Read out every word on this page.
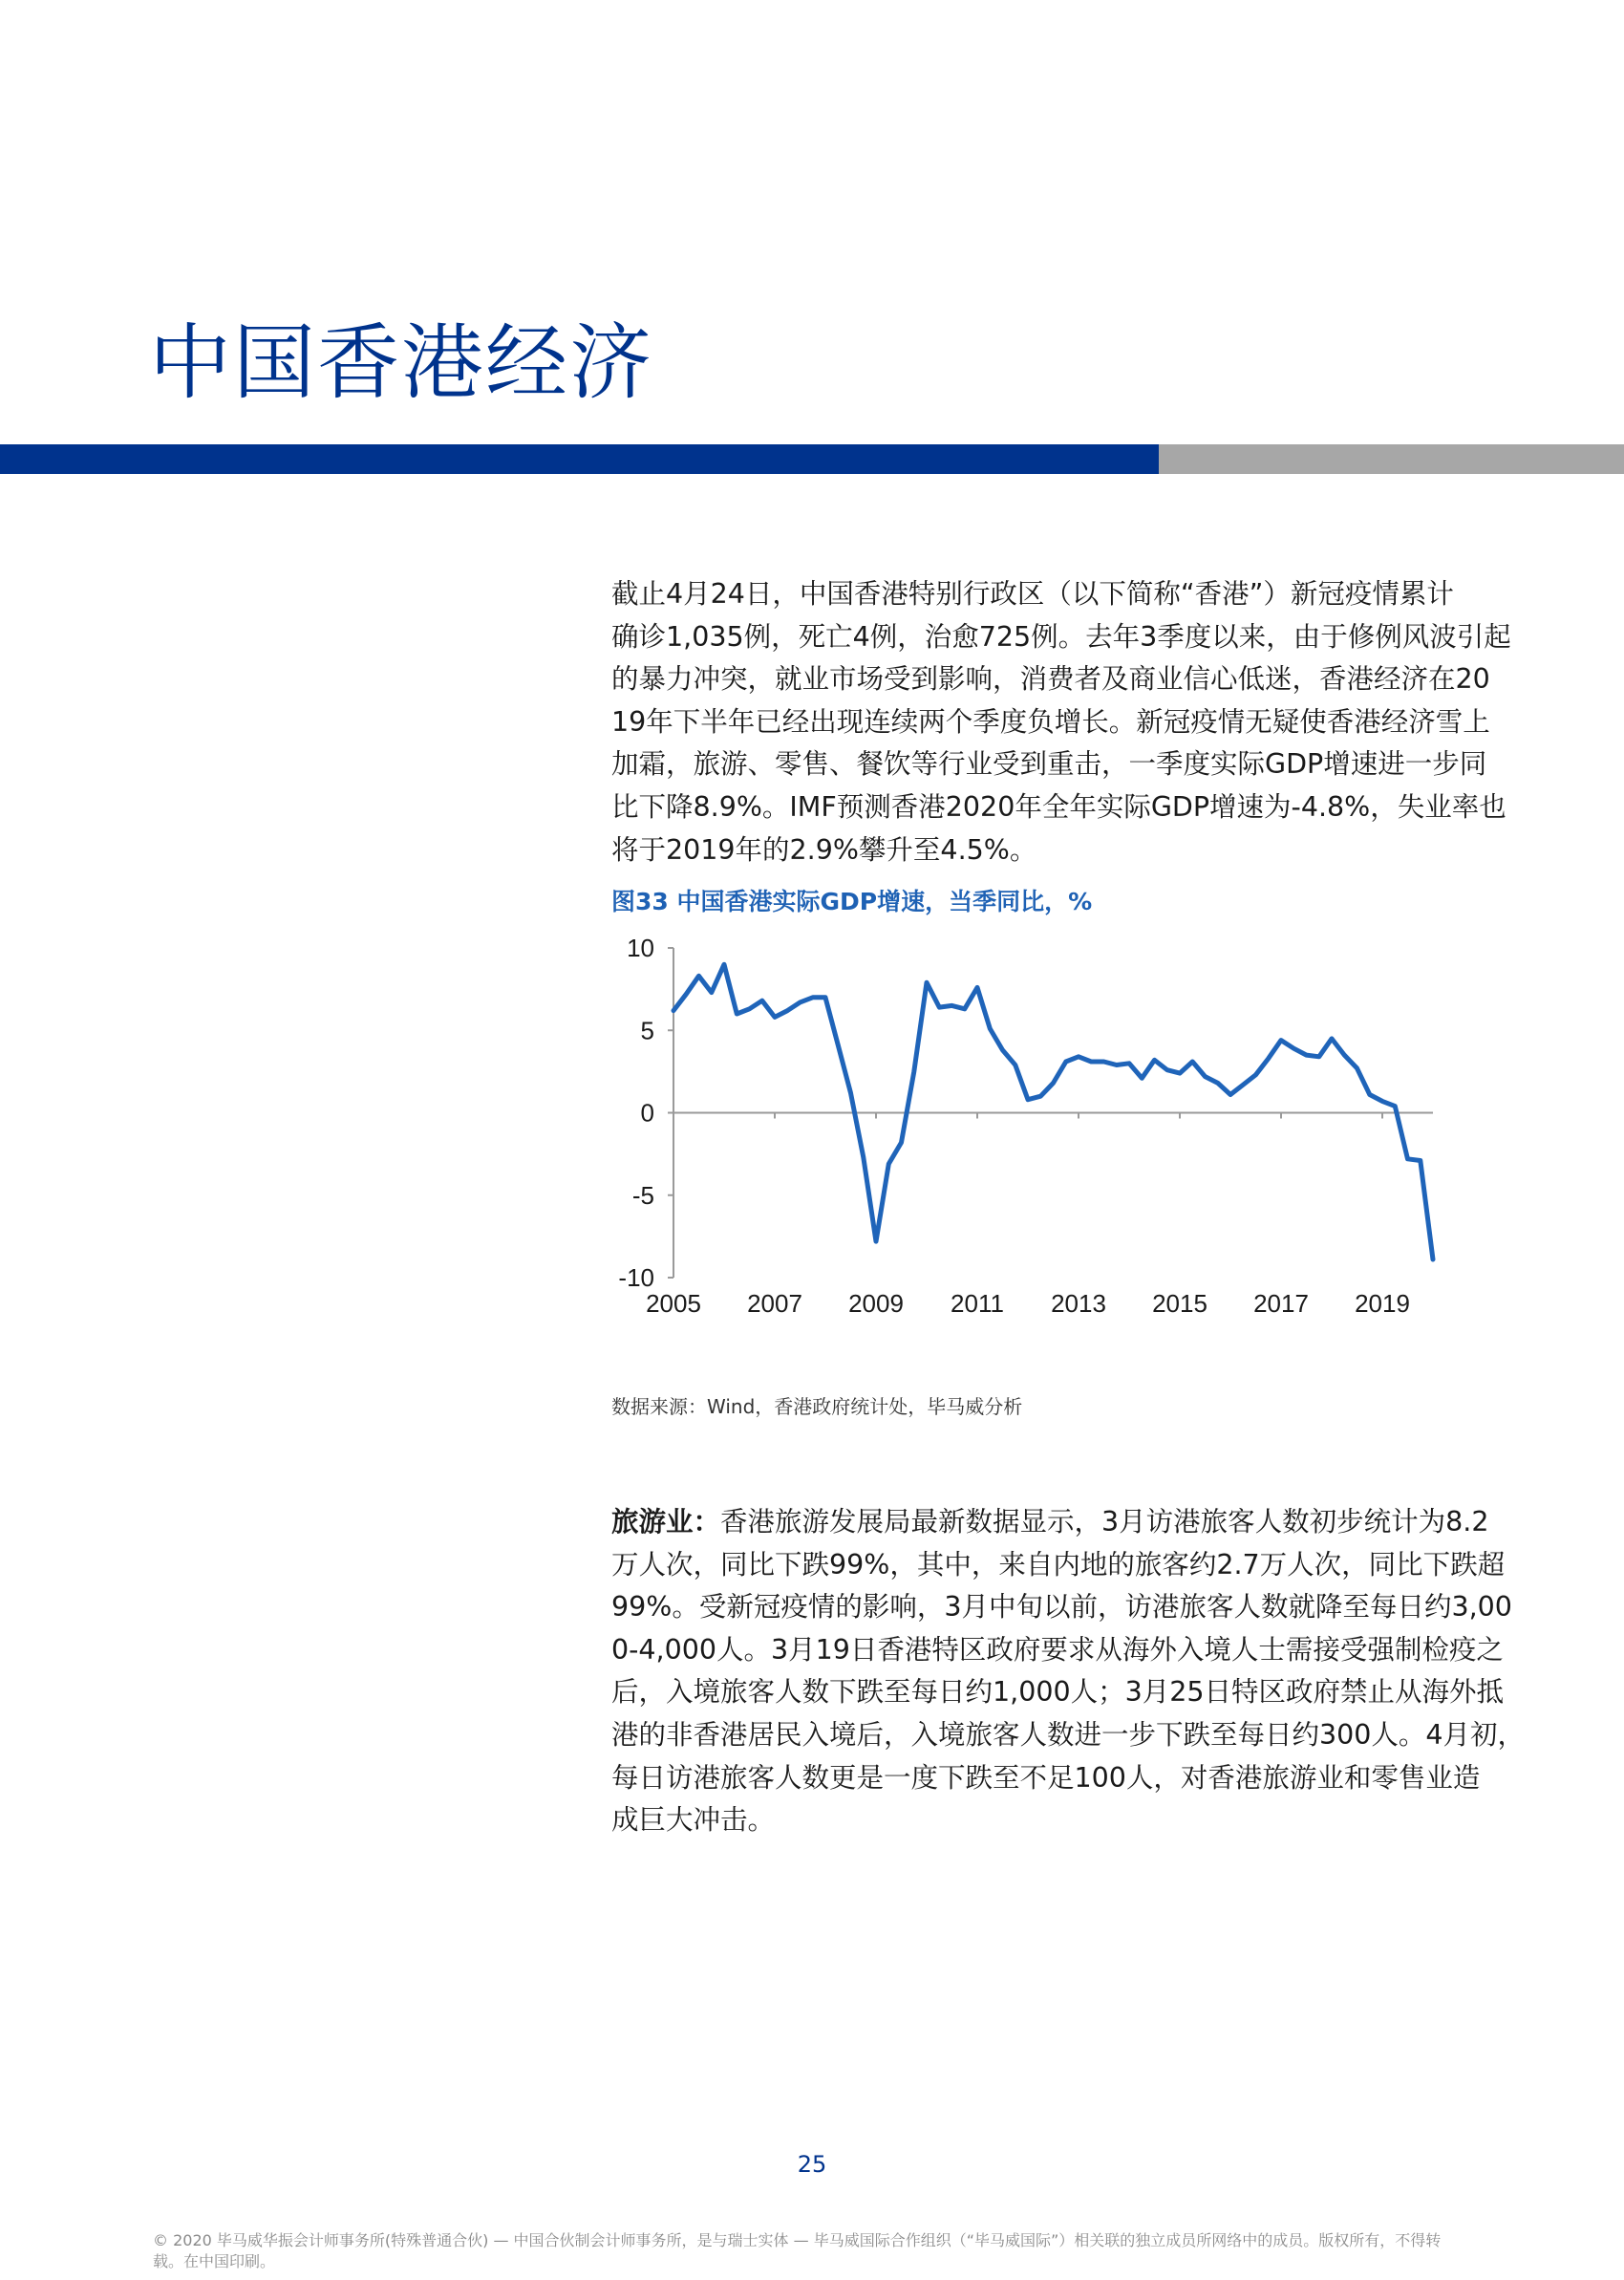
中国香港经济
截止4月24日，中国香港特别行政区（以下简称“香港”）新冠疫情累计
确诊1,035例，死亡4例，治愈725例。去年3季度以来，由于修例风波引起
的暴力冲突，就业市场受到影响，消费者及商业信心低迷，香港经济在20
19年下半年已经出现连续两个季度负增长。新冠疫情无疑使香港经济雪上
加霜，旅游、零售、餐饮等行业受到重击，一季度实际GDP增速进一步同
比下降8.9%。IMF预测香港2020年全年实际GDP增速为-4.8%，失业率也
将于2019年的2.9%攀升至4.5%。
图33 中国香港实际GDP增速，当季同比，%
10
5
0
-5
-10
2005 2007 2009 2011 2013 2015 2017 2019
数据来源：Wind，香港政府统计处，毕马威分析
旅游业：香港旅游发展局最新数据显示，3月访港旅客人数初步统计为8.2
万人次，同比下跌99%，其中，来自内地的旅客约2.7万人次，同比下跌超
99%。受新冠疫情的影响，3月中旬以前，访港旅客人数就降至每日约3,00
0-4,000人。3月19日香港特区政府要求从海外入境人士需接受强制检疫之
后，入境旅客人数下跌至每日约1,000人；3月25日特区政府禁止从海外抵
港的非香港居民入境后，入境旅客人数进一步下跌至每日约300人。4月初，
每日访港旅客人数更是一度下跌至不足100人，对香港旅游业和零售业造
成巨大冲击。
25
© 2020 毕马威华振会计师事务所(特殊普通合伙) — 中国合伙制会计师事务所，是与瑞士实体 — 毕马威国际合作组织（“毕马威国际”）相关联的独立成员所网络中的成员。版权所有，不得转
载。在中国印刷。
